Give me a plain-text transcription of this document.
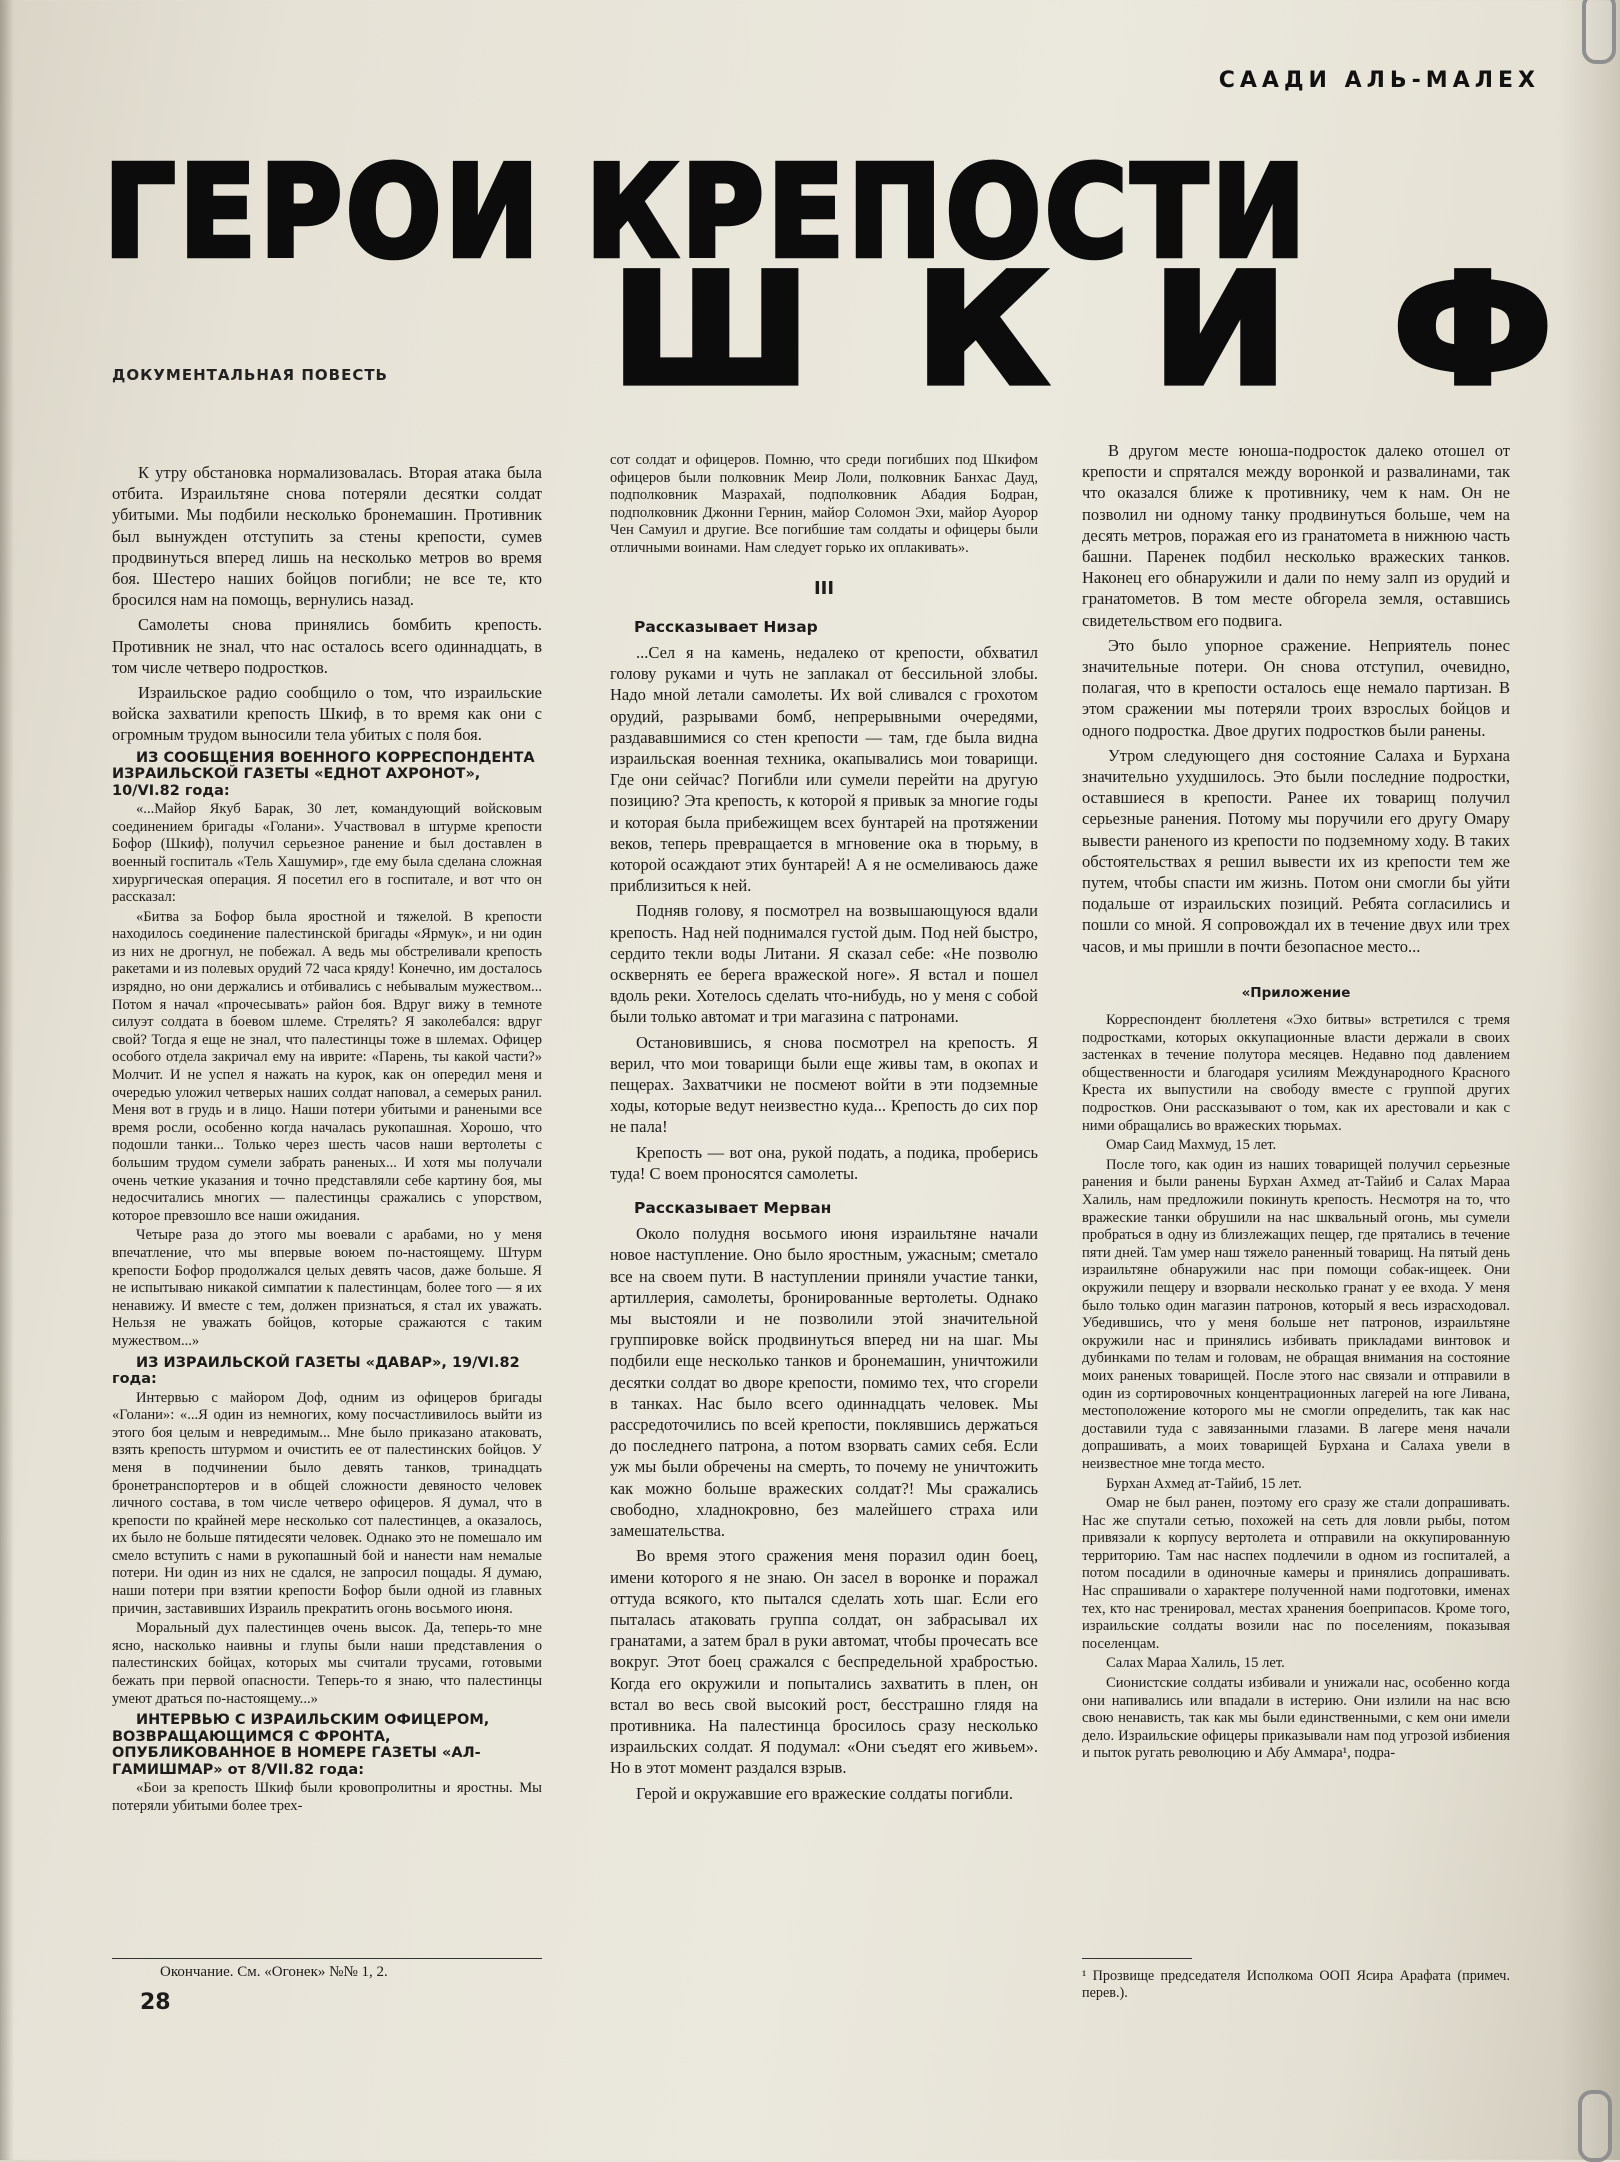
СААДИ АЛЬ-МАЛЕХ
ГЕРОИ КРЕПОСТИ
Ш К И Ф
ДОКУМЕНТАЛЬНАЯ ПОВЕСТЬ

К утру обстановка нормализовалась. Вторая атака была отбита. Израильтяне снова потеряли десятки солдат убитыми. Мы подбили несколько бронемашин. Противник был вынужден отступить за стены крепости, сумев продвинуться вперед лишь на несколько метров во время боя. Шестеро наших бойцов погибли; не все те, кто бросился нам на помощь, вернулись назад.

Самолеты снова принялись бомбить крепость. Противник не знал, что нас осталось всего одиннадцать, в том числе четверо подростков.

Израильское радио сообщило о том, что израильские войска захватили крепость Шкиф, в то время как они с огромным трудом выносили тела убитых с поля боя.

ИЗ СООБЩЕНИЯ ВОЕННОГО КОРРЕСПОНДЕНТА ИЗРАИЛЬСКОЙ ГАЗЕТЫ «ЕДНОТ АХРОНОТ», 10/VI.82 года:

«...Майор Якуб Барак, 30 лет, командующий войсковым соединением бригады «Голани». Участвовал в штурме крепости Бофор (Шкиф), получил серьезное ранение и был доставлен в военный госпиталь «Тель Хашумир», где ему была сделана сложная хирургическая операция. Я посетил его в госпитале, и вот что он рассказал:

«Битва за Бофор была яростной и тяжелой. В крепости находилось соединение палестинской бригады «Ярмук», и ни один из них не дрогнул, не побежал. А ведь мы обстреливали крепость ракетами и из полевых орудий 72 часа кряду! Конечно, им досталось изрядно, но они держались и отбивались с небывалым мужеством... Потом я начал «прочесывать» район боя. Вдруг вижу в темноте силуэт солдата в боевом шлеме. Стрелять? Я заколебался: вдруг свой? Тогда я еще не знал, что палестинцы тоже в шлемах. Офицер особого отдела закричал ему на иврите: «Парень, ты какой части?» Молчит. И не успел я нажать на курок, как он опередил меня и очередью уложил четверых наших солдат наповал, а семерых ранил. Меня вот в грудь и в лицо. Наши потери убитыми и ранеными все время росли, особенно когда началась рукопашная. Хорошо, что подошли танки... Только через шесть часов наши вертолеты с большим трудом сумели забрать раненых... И хотя мы получали очень четкие указания и точно представляли себе картину боя, мы недосчитались многих — палестинцы сражались с упорством, которое превзошло все наши ожидания.

Четыре раза до этого мы воевали с арабами, но у меня впечатление, что мы впервые воюем по-настоящему. Штурм крепости Бофор продолжался целых девять часов, даже больше. Я не испытываю никакой симпатии к палестинцам, более того — я их ненавижу. И вместе с тем, должен признаться, я стал их уважать. Нельзя не уважать бойцов, которые сражаются с таким мужеством...»

ИЗ ИЗРАИЛЬСКОЙ ГАЗЕТЫ «ДАВАР», 19/VI.82 года:

Интервью с майором Доф, одним из офицеров бригады «Голани»: «...Я один из немногих, кому посчастливилось выйти из этого боя целым и невредимым... Мне было приказано атаковать, взять крепость штурмом и очистить ее от палестинских бойцов. У меня в подчинении было девять танков, тринадцать бронетранспортеров и в общей сложности девяносто человек личного состава, в том числе четверо офицеров. Я думал, что в крепости по крайней мере несколько сот палестинцев, а оказалось, их было не больше пятидесяти человек. Однако это не помешало им смело вступить с нами в рукопашный бой и нанести нам немалые потери. Ни один из них не сдался, не запросил пощады. Я думаю, наши потери при взятии крепости Бофор были одной из главных причин, заставивших Израиль прекратить огонь восьмого июня.

Моральный дух палестинцев очень высок. Да, теперь-то мне ясно, насколько наивны и глупы были наши представления о палестинских бойцах, которых мы считали трусами, готовыми бежать при первой опасности. Теперь-то я знаю, что палестинцы умеют драться по-настоящему...»

ИНТЕРВЬЮ С ИЗРАИЛЬСКИМ ОФИЦЕРОМ, ВОЗВРАЩАЮЩИМСЯ С ФРОНТА, ОПУБЛИКОВАННОЕ В НОМЕРЕ ГАЗЕТЫ «АЛ-ГАМИШМАР» от 8/VII.82 года:

«Бои за крепость Шкиф были кровопролитны и яростны. Мы потеряли убитыми более трех-

сот солдат и офицеров. Помню, что среди погибших под Шкифом офицеров были полковник Меир Лоли, полковник Банхас Дауд, подполковник Мазрахай, подполковник Абадия Бодран, подполковник Джонни Гернин, майор Соломон Эхи, майор Ауорор Чен Самуил и другие. Все погибшие там солдаты и офицеры были отличными воинами. Нам следует горько их оплакивать».

III
Рассказывает Низар

...Сел я на камень, недалеко от крепости, обхватил голову руками и чуть не заплакал от бессильной злобы. Надо мной летали самолеты. Их вой сливался с грохотом орудий, разрывами бомб, непрерывными очередями, раздававшимися со стен крепости — там, где была видна израильская военная техника, окапывались мои товарищи. Где они сейчас? Погибли или сумели перейти на другую позицию? Эта крепость, к которой я привык за многие годы и которая была прибежищем всех бунтарей на протяжении веков, теперь превращается в мгновение ока в тюрьму, в которой осаждают этих бунтарей! А я не осмеливаюсь даже приблизиться к ней.

Подняв голову, я посмотрел на возвышающуюся вдали крепость. Над ней поднимался густой дым. Под ней быстро, сердито текли воды Литани. Я сказал себе: «Не позволю осквернять ее берега вражеской ноге». Я встал и пошел вдоль реки. Хотелось сделать что-нибудь, но у меня с собой были только автомат и три магазина с патронами.

Остановившись, я снова посмотрел на крепость. Я верил, что мои товарищи были еще живы там, в окопах и пещерах. Захватчики не посмеют войти в эти подземные ходы, которые ведут неизвестно куда... Крепость до сих пор не пала!

Крепость — вот она, рукой подать, а подика, проберись туда! С воем проносятся самолеты.

Рассказывает Мерван

Около полудня восьмого июня израильтяне начали новое наступление. Оно было яростным, ужасным; сметало все на своем пути. В наступлении приняли участие танки, артиллерия, самолеты, бронированные вертолеты. Однако мы выстояли и не позволили этой значительной группировке войск продвинуться вперед ни на шаг. Мы подбили еще несколько танков и бронемашин, уничтожили десятки солдат во дворе крепости, помимо тех, что сгорели в танках. Нас было всего одиннадцать человек. Мы рассредоточились по всей крепости, поклявшись держаться до последнего патрона, а потом взорвать самих себя. Если уж мы были обречены на смерть, то почему не уничтожить как можно больше вражеских солдат?! Мы сражались свободно, хладнокровно, без малейшего страха или замешательства.

Во время этого сражения меня поразил один боец, имени которого я не знаю. Он засел в воронке и поражал оттуда всякого, кто пытался сделать хоть шаг. Если его пыталась атаковать группа солдат, он забрасывал их гранатами, а затем брал в руки автомат, чтобы прочесать все вокруг. Этот боец сражался с беспредельной храбростью. Когда его окружили и попытались захватить в плен, он встал во весь свой высокий рост, бесстрашно глядя на противника. На палестинца бросилось сразу несколько израильских солдат. Я подумал: «Они съедят его живьем». Но в этот момент раздался взрыв.

Герой и окружавшие его вражеские солдаты погибли.

В другом месте юноша-подросток далеко отошел от крепости и спрятался между воронкой и развалинами, так что оказался ближе к противнику, чем к нам. Он не позволил ни одному танку продвинуться больше, чем на десять метров, поражая его из гранатомета в нижнюю часть башни. Паренек подбил несколько вражеских танков. Наконец его обнаружили и дали по нему залп из орудий и гранатометов. В том месте обгорела земля, оставшись свидетельством его подвига.

Это было упорное сражение. Неприятель понес значительные потери. Он снова отступил, очевидно, полагая, что в крепости осталось еще немало партизан. В этом сражении мы потеряли троих взрослых бойцов и одного подростка. Двое других подростков были ранены.

Утром следующего дня состояние Салаха и Бурхана значительно ухудшилось. Это были последние подростки, оставшиеся в крепости. Ранее их товарищ получил серьезные ранения. Потому мы поручили его другу Омару вывести раненого из крепости по подземному ходу. В таких обстоятельствах я решил вывести их из крепости тем же путем, чтобы спасти им жизнь. Потом они смогли бы уйти подальше от израильских позиций. Ребята согласились и пошли со мной. Я сопровождал их в течение двух или трех часов, и мы пришли в почти безопасное место...

«Приложение

Корреспондент бюллетеня «Эхо битвы» встретился с тремя подростками, которых оккупационные власти держали в своих застенках в течение полутора месяцев. Недавно под давлением общественности и благодаря усилиям Международного Красного Креста их выпустили на свободу вместе с группой других подростков. Они рассказывают о том, как их арестовали и как с ними обращались во вражеских тюрьмах.

Омар Саид Махмуд, 15 лет.

После того, как один из наших товарищей получил серьезные ранения и были ранены Бурхан Ахмед ат-Тайиб и Салах Мараа Халиль, нам предложили покинуть крепость. Несмотря на то, что вражеские танки обрушили на нас шквальный огонь, мы сумели пробраться в одну из близлежащих пещер, где прятались в течение пяти дней. Там умер наш тяжело раненный товарищ. На пятый день израильтяне обнаружили нас при помощи собак-ищеек. Они окружили пещеру и взорвали несколько гранат у ее входа. У меня было только один магазин патронов, который я весь израсходовал. Убедившись, что у меня больше нет патронов, израильтяне окружили нас и принялись избивать прикладами винтовок и дубинками по телам и головам, не обращая внимания на состояние моих раненых товарищей. После этого нас связали и отправили в один из сортировочных концентрационных лагерей на юге Ливана, местоположение которого мы не смогли определить, так как нас доставили туда с завязанными глазами. В лагере меня начали допрашивать, а моих товарищей Бурхана и Салаха увели в неизвестное мне тогда место.

Бурхан Ахмед ат-Тайиб, 15 лет.

Омар не был ранен, поэтому его сразу же стали допрашивать. Нас же спутали сетью, похожей на сеть для ловли рыбы, потом привязали к корпусу вертолета и отправили на оккупированную территорию. Там нас наспех подлечили в одном из госпиталей, а потом посадили в одиночные камеры и принялись допрашивать. Нас спрашивали о характере полученной нами подготовки, именах тех, кто нас тренировал, местах хранения боеприпасов. Кроме того, израильские солдаты возили нас по поселениям, показывая поселенцам.

Салах Мараа Халиль, 15 лет.

Сионистские солдаты избивали и унижали нас, особенно когда они напивались или впадали в истерию. Они излили на нас всю свою ненависть, так как мы были единственными, с кем они имели дело. Израильские офицеры приказывали нам под угрозой избиения и пыток ругать революцию и Абу Аммара¹, подра-

Окончание. См. «Огонек» №№ 1, 2.
28
¹ Прозвище председателя Исполкома ООП Ясира Арафата (примеч. перев.).
